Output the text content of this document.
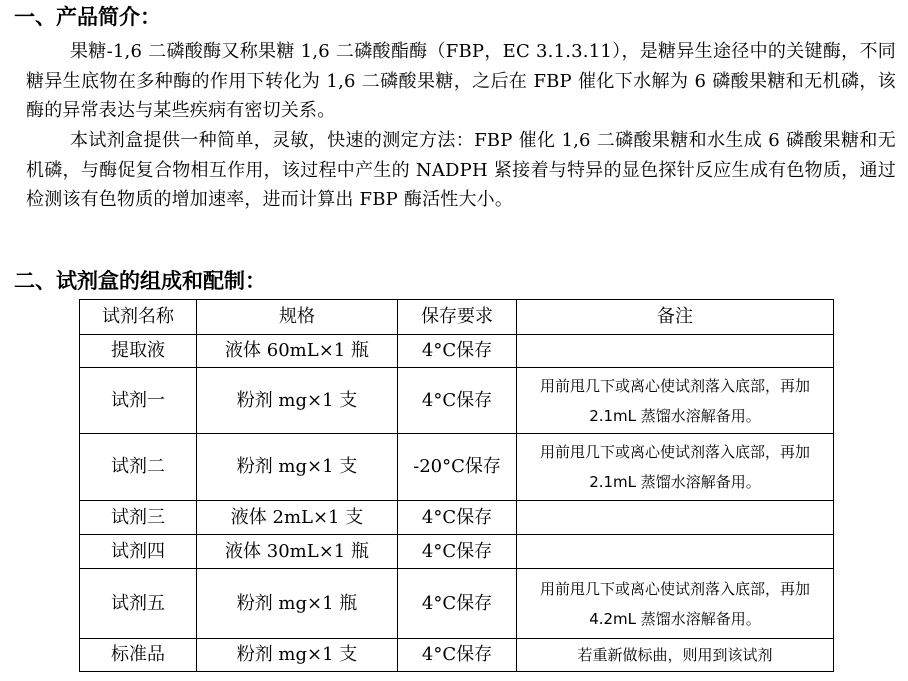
一、产品简介：
果糖-1,6 二磷酸酶又称果糖 1,6 二磷酸酯酶（FBP，EC 3.1.3.11），是糖异生途径中的关键酶，不同糖异生底物在多种酶的作用下转化为 1,6 二磷酸果糖，之后在 FBP 催化下水解为 6 磷酸果糖和无机磷，该酶的异常表达与某些疾病有密切关系。
本试剂盒提供一种简单，灵敏，快速的测定方法：FBP 催化 1,6 二磷酸果糖和水生成 6 磷酸果糖和无机磷，与酶促复合物相互作用，该过程中产生的 NADPH 紧接着与特异的显色探针反应生成有色物质，通过检测该有色物质的增加速率，进而计算出 FBP 酶活性大小。
二、试剂盒的组成和配制：
试剂名称	规格	保存要求	备注
提取液	液体 60mL×1 瓶	4°C保存	
试剂一	粉剂 mg×1 支	4°C保存	用前甩几下或离心使试剂落入底部，再加 2.1mL 蒸馏水溶解备用。
试剂二	粉剂 mg×1 支	-20°C保存	用前甩几下或离心使试剂落入底部，再加 2.1mL 蒸馏水溶解备用。
试剂三	液体 2mL×1 支	4°C保存	
试剂四	液体 30mL×1 瓶	4°C保存	
试剂五	粉剂 mg×1 瓶	4°C保存	用前甩几下或离心使试剂落入底部，再加 4.2mL 蒸馏水溶解备用。
标准品	粉剂 mg×1 支	4°C保存	若重新做标曲，则用到该试剂
